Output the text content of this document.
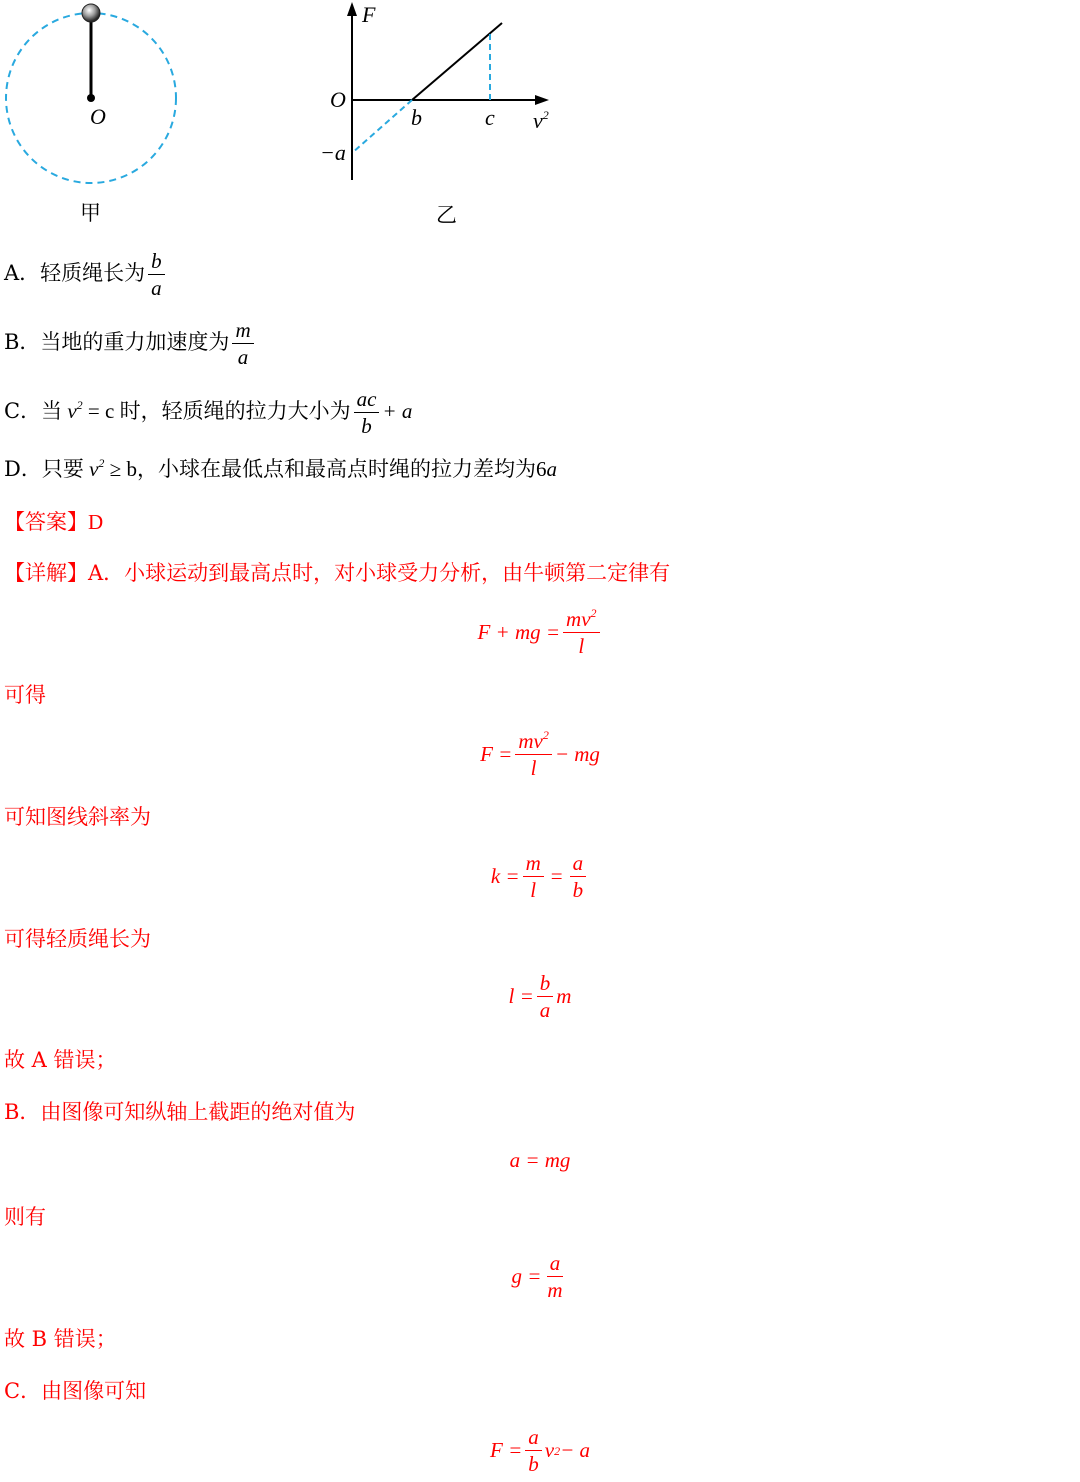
O
甲
F
O
b	c $v^2$
−a
乙
A．轻质绳长为 $\frac{b}{a}$
B．当地的重力加速度为 $\frac{m}{a}$
C．当 $v^2 = c$ 时，轻质绳的拉力大小为 $\frac{ac}{b} + a$
D．只要 $v^2 \ge b$，小球在最低点和最高点时绳的拉力差均为6a
【答案】D
【详解】A．小球运动到最高点时，对小球受力分析，由牛顿第二定律有
F + mg = $\frac{mv^2}{l}$
可得
$F = \frac{mv^2}{l}$ − mg
可知图线斜率为
$k = \frac{m}{l} = \frac{a}{b}$
可得轻质绳长为
$l = \frac{b}{a}$ m
故 A 错误；
B．由图像可知纵轴上截距的绝对值为
a = mg
则有
$g = \frac{a}{m}$
故 B 错误；
C．由图像可知
$F = \frac{a}{b}$ v 2 − a
